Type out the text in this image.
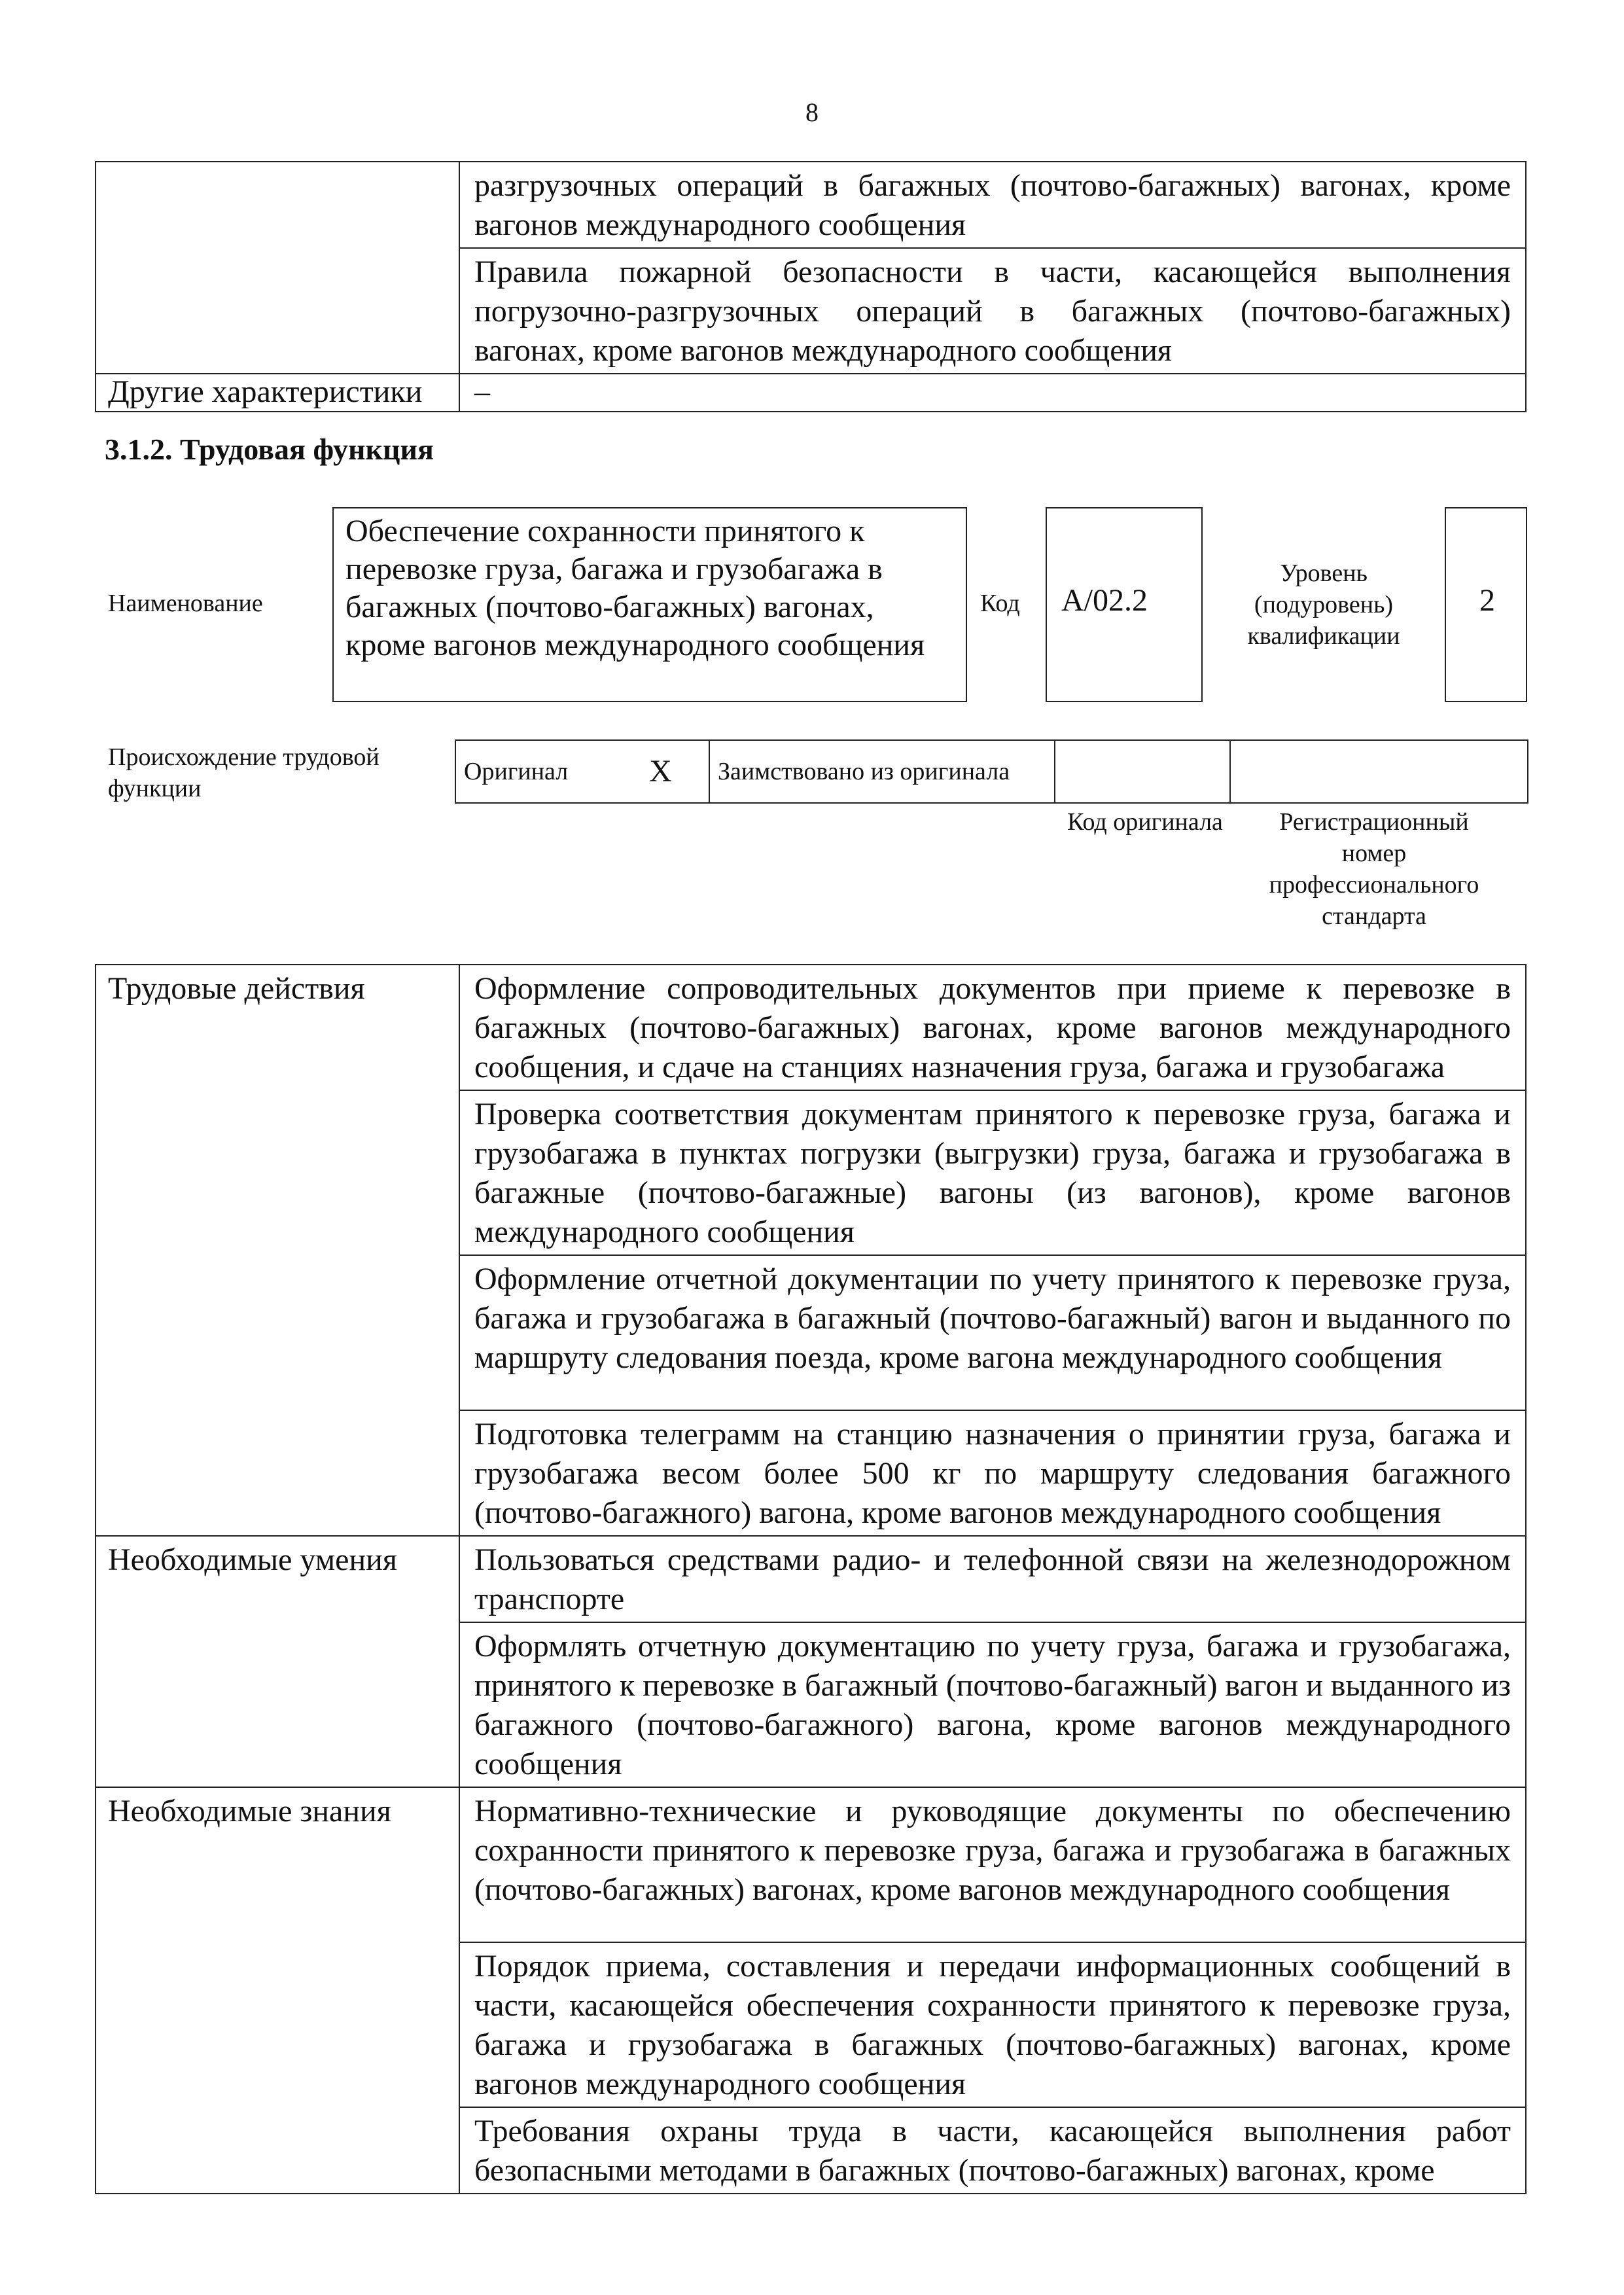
8
	разгрузочных операций в багажных (почтово-багажных) вагонах, кроме вагонов международного сообщения
	Правила пожарной безопасности в части, касающейся выполнения погрузочно-разгрузочных операций в багажных (почтово-багажных) вагонах, кроме вагонов международного сообщения
Другие характеристики	–
3.1.2. Трудовая функция
Наименование
Обеспечение сохранности принятого к перевозке груза, багажа и грузобагажа в багажных (почтово-багажных) вагонах, кроме вагонов международного сообщения
Код А/02.2
Уровень (подуровень) квалификации
2
Происхождение трудовой функции
Оригинал	X	Заимствовано из оригинала		
Код оригинала	Регистрационный номер профессионального стандарта
Трудовые действия	Оформление сопроводительных документов при приеме к перевозке в багажных (почтово-багажных) вагонах, кроме вагонов международного сообщения, и сдаче на станциях назначения груза, багажа и грузобагажа
	Проверка соответствия документам принятого к перевозке груза, багажа и грузобагажа в пунктах погрузки (выгрузки) груза, багажа и грузобагажа в багажные (почтово-багажные) вагоны (из вагонов), кроме вагонов международного сообщения
	Оформление отчетной документации по учету принятого к перевозке груза, багажа и грузобагажа в багажный (почтово-багажный) вагон и выданного по маршруту следования поезда, кроме вагона международного сообщения
	Подготовка телеграмм на станцию назначения о принятии груза, багажа и грузобагажа весом более 500 кг по маршруту следования багажного (почтово-багажного) вагона, кроме вагонов международного сообщения
Необходимые умения	Пользоваться средствами радио- и телефонной связи на железнодорожном транспорте
	Оформлять отчетную документацию по учету груза, багажа и грузобагажа, принятого к перевозке в багажный (почтово-багажный) вагон и выданного из багажного (почтово-багажного) вагона, кроме вагонов международного сообщения
Необходимые знания	Нормативно-технические и руководящие документы по обеспечению сохранности принятого к перевозке груза, багажа и грузобагажа в багажных (почтово-багажных) вагонах, кроме вагонов международного сообщения
	Порядок приема, составления и передачи информационных сообщений в части, касающейся обеспечения сохранности принятого к перевозке груза, багажа и грузобагажа в багажных (почтово-багажных) вагонах, кроме вагонов международного сообщения
	Требования охраны труда в части, касающейся выполнения работ безопасными методами в багажных (почтово-багажных) вагонах, кроме
